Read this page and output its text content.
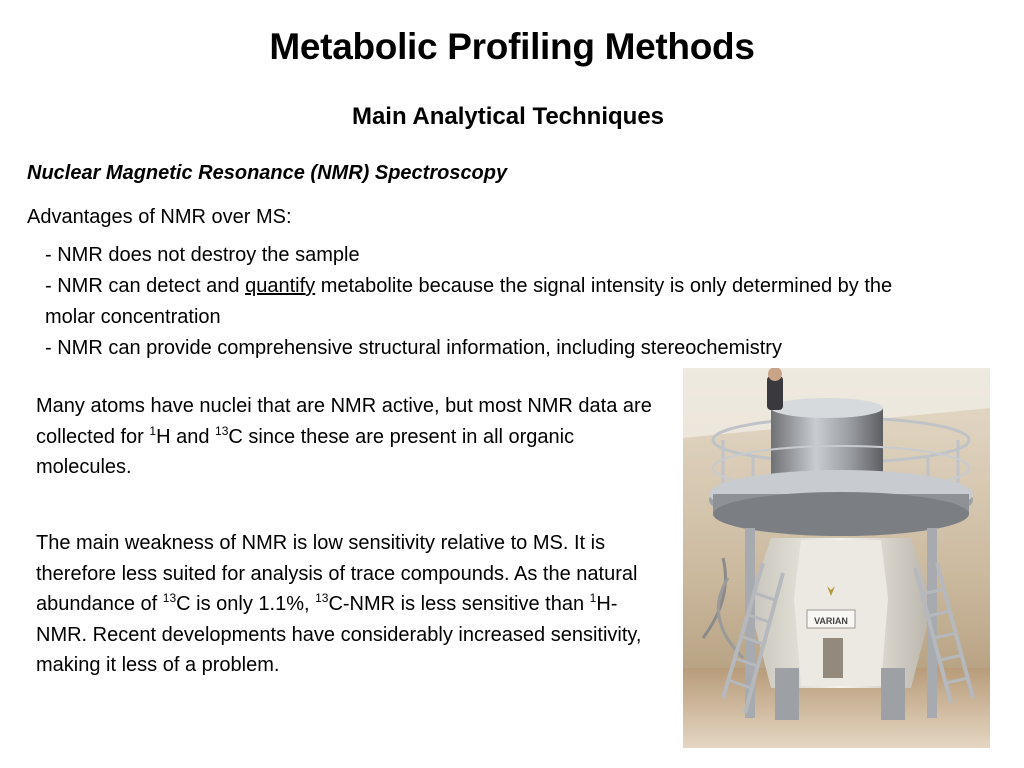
Metabolic Profiling Methods
Main Analytical Techniques
Nuclear Magnetic Resonance (NMR) Spectroscopy
Advantages of NMR over MS:
- NMR does not destroy the sample
- NMR can detect and quantify metabolite because the signal intensity is only determined by the molar concentration
- NMR can provide comprehensive structural information, including stereochemistry
Many atoms have nuclei that are NMR active, but most NMR data are collected for $^1$H and $^{13}$C since these are present in all organic molecules.
The main weakness of NMR is low sensitivity relative to MS. It is therefore less suited for analysis of trace compounds. As the natural abundance of $^{13}$C is only 1.1%, $^{13}$C-NMR is less sensitive than $^1$H-NMR. Recent developments have considerably increased sensitivity, making it less of a problem.
VARIAN
